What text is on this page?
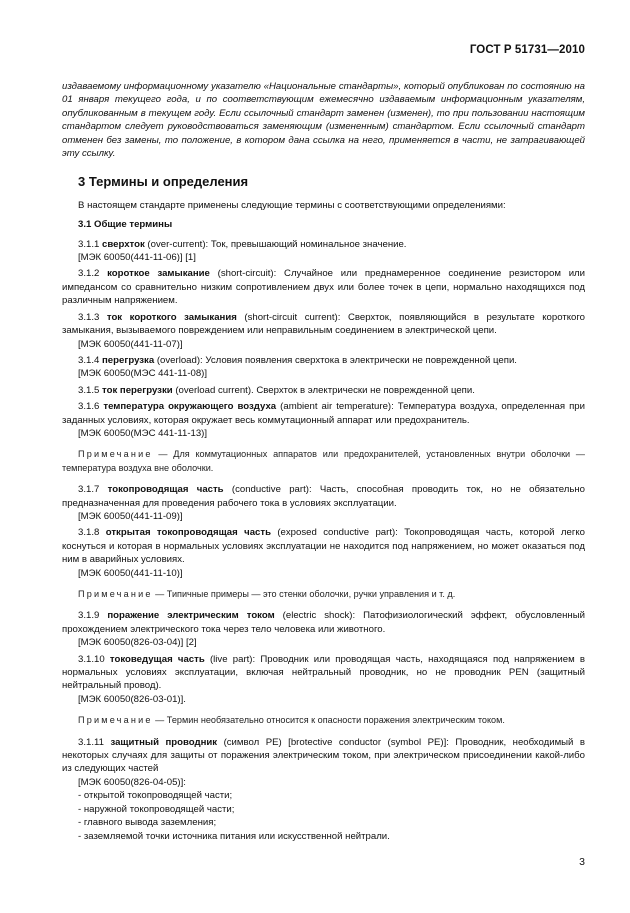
ГОСТ Р 51731—2010

издаваемому информационному указателю «Национальные стандарты», который опубликован по состоянию на 01 января текущего года, и по соответствующим ежемесячно издаваемым информационным указателям, опубликованным в текущем году. Если ссылочный стандарт заменен (изменен), то при пользовании настоящим стандартом следует руководствоваться заменяющим (измененным) стандартом. Если ссылочный стандарт отменен без замены, то положение, в котором дана ссылка на него, применяется в части, не затрагивающей эту ссылку.

3 Термины и определения

В настоящем стандарте применены следующие термины с соответствующими определениями:

3.1 Общие термины

3.1.1 сверхток (over-current): Ток, превышающий номинальное значение.

[МЭК 60050(441-11-06)] [1]

3.1.2 короткое замыкание (short-circuit): Случайное или преднамеренное соединение резистором или импедансом со сравнительно низким сопротивлением двух или более точек в цепи, нормально находящихся под различным напряжением.

3.1.3 ток короткого замыкания (short-circuit current): Сверхток, появляющийся в результате короткого замыкания, вызываемого повреждением или неправильным соединением в электрической цепи.

[МЭК 60050(441-11-07)]

3.1.4 перегрузка (overload): Условия появления сверхтока в электрически не поврежденной цепи.

[МЭК 60050(МЭС 441-11-08)]

3.1.5 ток перегрузки (overload current). Сверхток в электрически не поврежденной цепи.

3.1.6 температура окружающего воздуха (ambient air temperature): Температура воздуха, определенная при заданных условиях, которая окружает весь коммутационный аппарат или предохранитель.

[МЭК 60050(МЭС 441-11-13)]

Примечание — Для коммутационных аппаратов или предохранителей, установленных внутри оболочки — температура воздуха вне оболочки.

3.1.7 токопроводящая часть (conductive part): Часть, способная проводить ток, но не обязательно предназначенная для проведения рабочего тока в условиях эксплуатации.

[МЭК 60050(441-11-09)]

3.1.8 открытая токопроводящая часть (exposed conductive part): Токопроводящая часть, которой легко коснуться и которая в нормальных условиях эксплуатации не находится под напряжением, но может оказаться под ним в аварийных условиях.

[МЭК 60050(441-11-10)]

Примечание — Типичные примеры — это стенки оболочки, ручки управления и т. д.

3.1.9 поражение электрическим током (electric shock): Патофизиологический эффект, обусловленный прохождением электрического тока через тело человека или животного.

[МЭК 60050(826-03-04)] [2]

3.1.10 токоведущая часть (live part): Проводник или проводящая часть, находящаяся под напряжением в нормальных условиях эксплуатации, включая нейтральный проводник, но не проводник PEN (защитный нейтральный провод).

[МЭК 60050(826-03-01)].

Примечание — Термин необязательно относится к опасности поражения электрическим током.

3.1.11 защитный проводник (символ PE) [brotective conductor (symbol PE)]: Проводник, необходимый в некоторых случаях для защиты от поражения электрическим током, при электрическом присоединении какой-либо из следующих частей

[МЭК 60050(826-04-05)]:

- открытой токопроводящей части;

- наружной токопроводящей части;

- главного вывода заземления;

- заземляемой точки источника питания или искусственной нейтрали.

3
